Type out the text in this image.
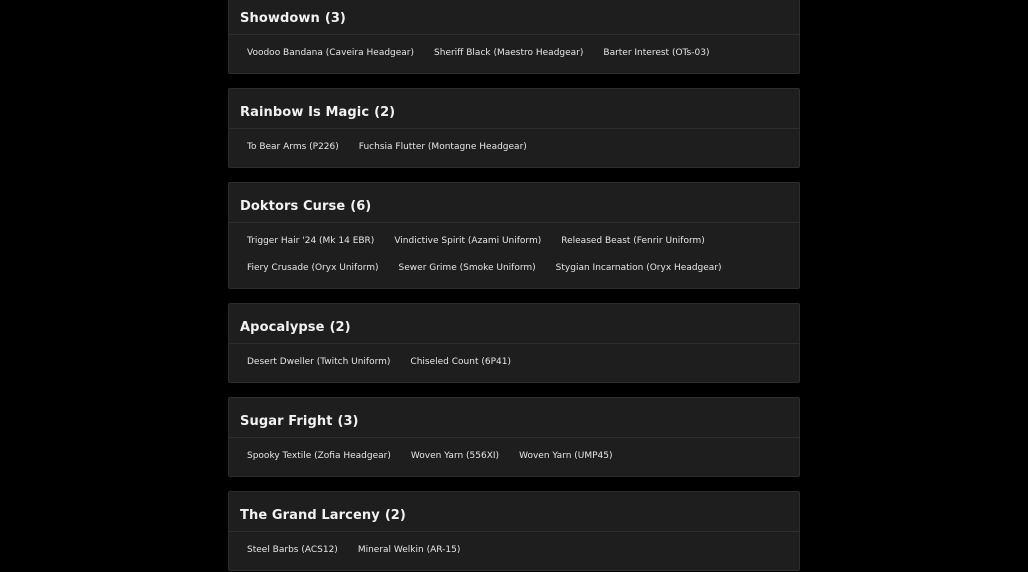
Showdown (3)
Voodoo Bandana (Caveira Headgear)	Sheriff Black (Maestro Headgear)	Barter Interest (OTs-03)
Rainbow Is Magic (2)
To Bear Arms (P226)	Fuchsia Flutter (Montagne Headgear)
Doktors Curse (6)
Trigger Hair '24 (Mk 14 EBR)	Vindictive Spirit (Azami Uniform)	Released Beast (Fenrir Uniform)
Fiery Crusade (Oryx Uniform)	Sewer Grime (Smoke Uniform)	Stygian Incarnation (Oryx Headgear)
Apocalypse (2)
Desert Dweller (Twitch Uniform)	Chiseled Count (6P41)
Sugar Fright (3)
Spooky Textile (Zofia Headgear)	Woven Yarn (556XI)	Woven Yarn (UMP45)
The Grand Larceny (2)
Steel Barbs (ACS12)	Mineral Welkin (AR-15)
